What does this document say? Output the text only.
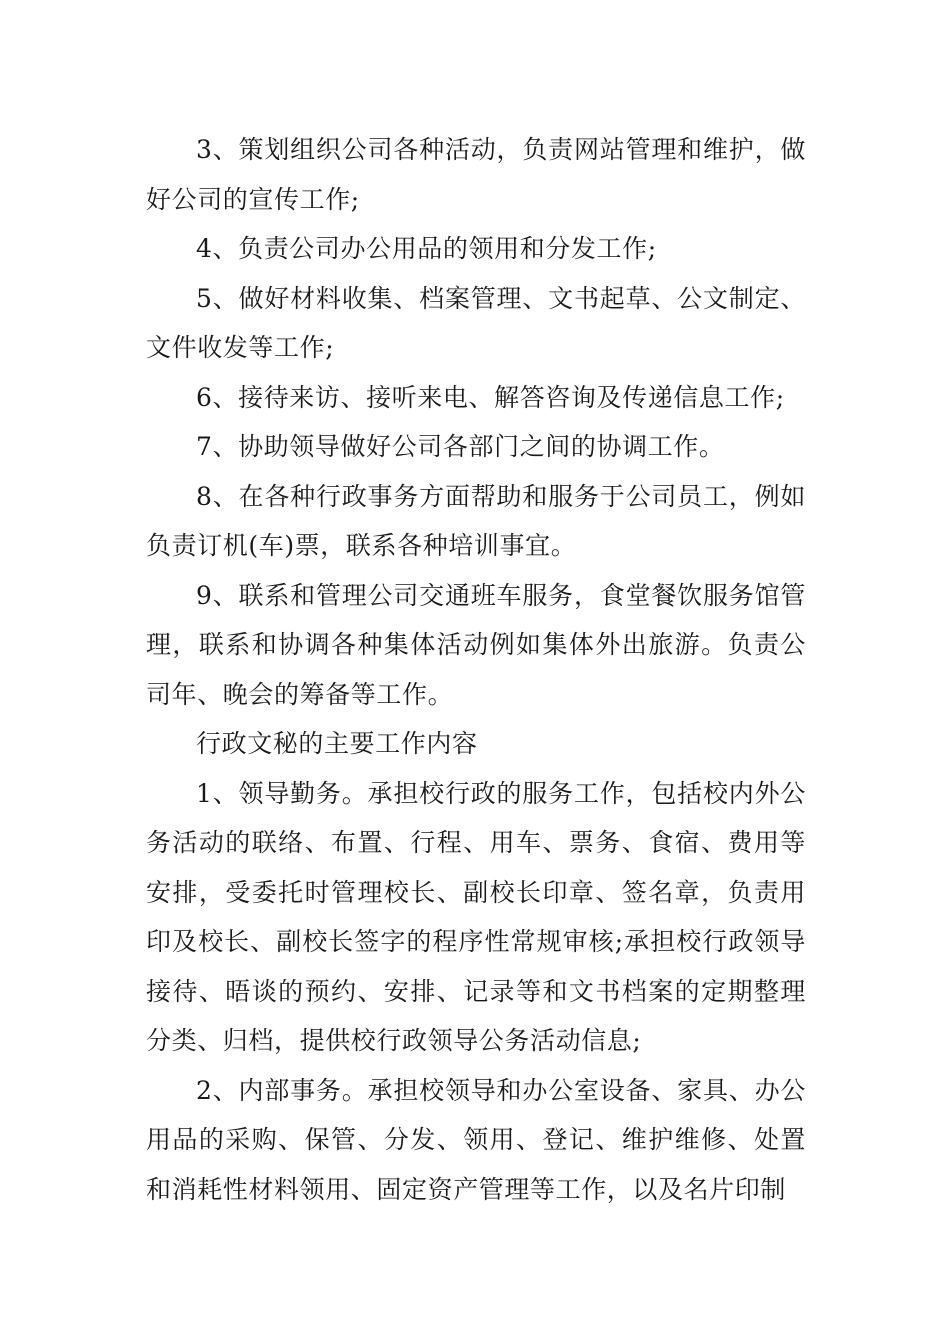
3、策划组织公司各种活动，负责网站管理和维护，做好公司的宣传工作;

4、负责公司办公用品的领用和分发工作;

5、做好材料收集、档案管理、文书起草、公文制定、文件收发等工作;

6、接待来访、接听来电、解答咨询及传递信息工作;

7、协助领导做好公司各部门之间的协调工作。

8、在各种行政事务方面帮助和服务于公司员工，例如负责订机(车)票，联系各种培训事宜。

9、联系和管理公司交通班车服务，食堂餐饮服务馆管理，联系和协调各种集体活动例如集体外出旅游。负责公司年、晚会的筹备等工作。

行政文秘的主要工作内容

1、领导勤务。承担校行政的服务工作，包括校内外公务活动的联络、布置、行程、用车、票务、食宿、费用等安排，受委托时管理校长、副校长印章、签名章，负责用印及校长、副校长签字的程序性常规审核;承担校行政领导接待、晤谈的预约、安排、记录等和文书档案的定期整理分类、归档，提供校行政领导公务活动信息;

2、内部事务。承担校领导和办公室设备、家具、办公用品的采购、保管、分发、领用、登记、维护维修、处置和消耗性材料领用、固定资产管理等工作，以及名片印制
